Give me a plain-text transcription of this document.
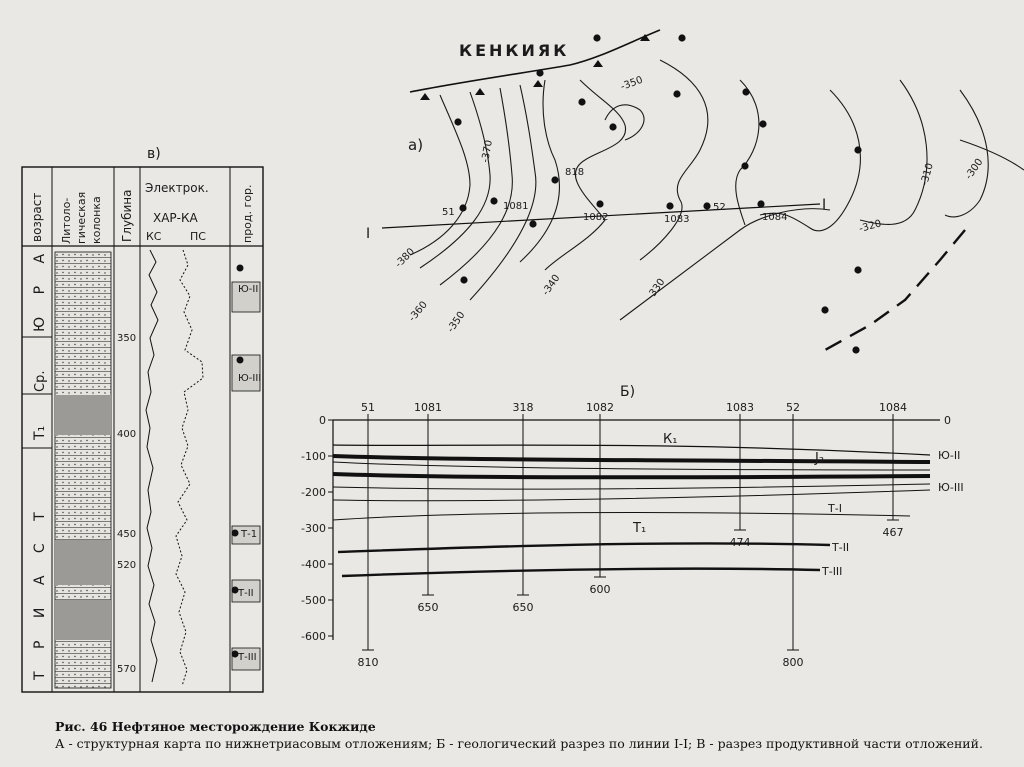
в)
возраст Литоло- гическая колонка Глубина
Электрок.
ХАР-КА
КС	ПС	прод. гор.
Т Р И А С Т
Т₁
Ср.
Ю Р А
350
400
450
520
570
Ю-II
Ю-III
Т-1
Т-II
Т-III
КЕНКИЯК
а)
I
I
51
1081
818
1082	1083
52
1084
-370
-350
-380
-360 -350
-340	-330
-320
-310	-300
Б)
0
-100
-200
-300
-400
-500
-600
0
51
810
1081
650
318
650
1082
600
1083
474
52
800
1084
467
К₁
J₂
Т₁
Ю-II
Ю-III
Т-I
Т-II
Т-III
Рис. 46 Нефтяное месторождение Кокжиде
А - структурная карта по нижнетриасовым отложениям; Б - геологический разрез по линии I-I; В - разрез продуктивной части отложений.
